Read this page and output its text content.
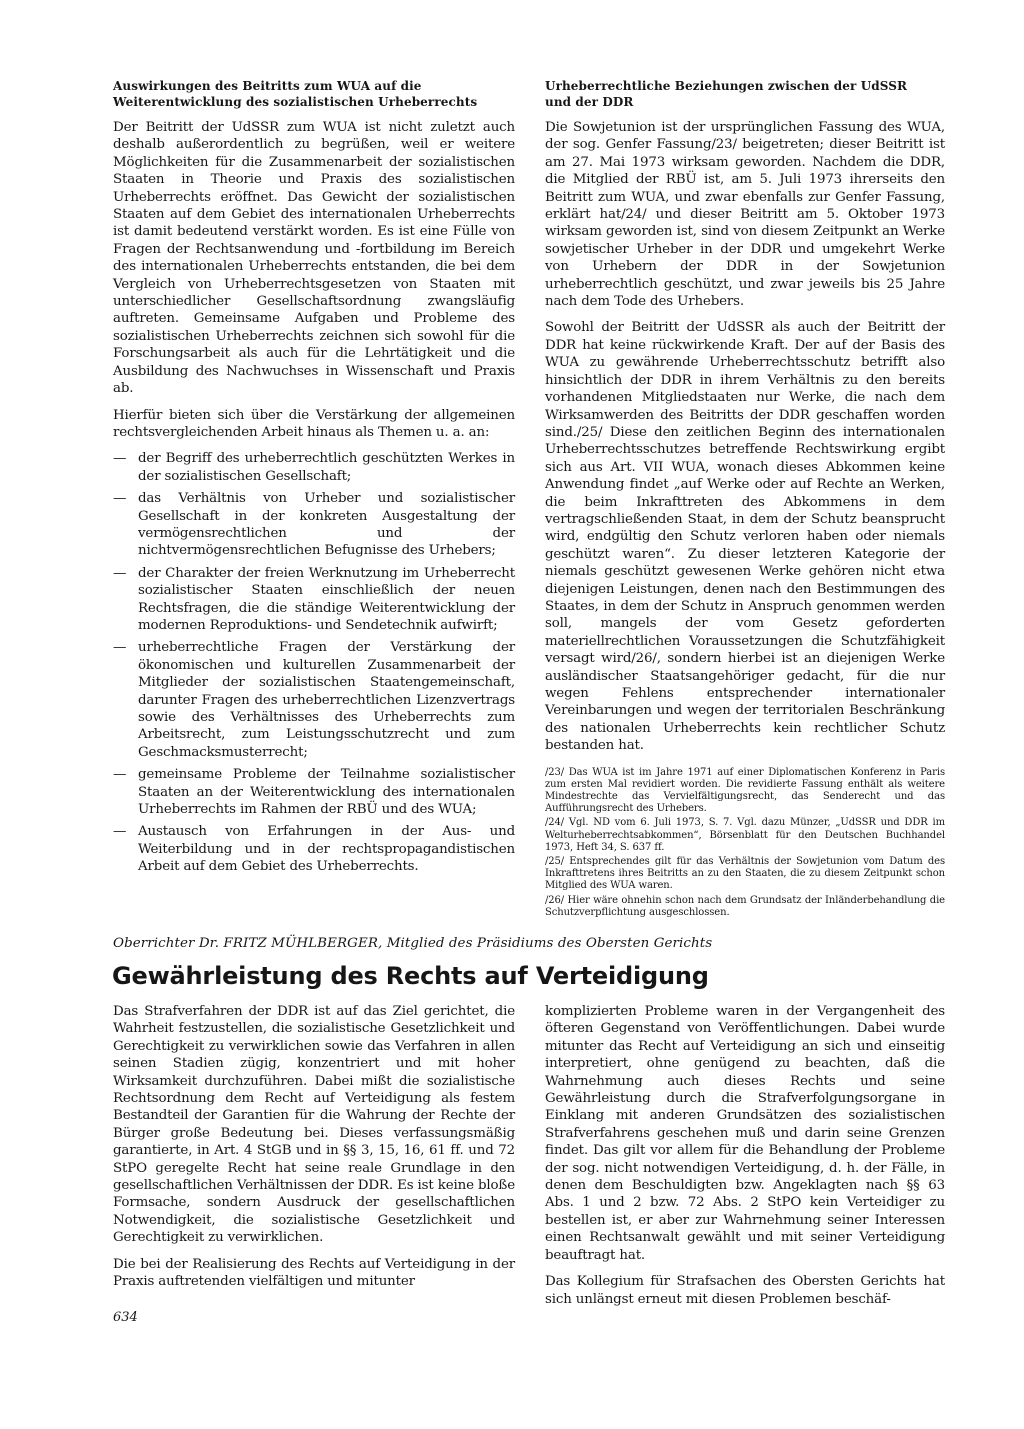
Auswirkungen des Beitritts zum WUA auf die
Weiterentwicklung des sozialistischen Urheberrechts

Der Beitritt der UdSSR zum WUA ist nicht zuletzt auch deshalb außerordentlich zu begrüßen, weil er weitere Möglichkeiten für die Zusammenarbeit der sozialistischen Staaten in Theorie und Praxis des sozialistischen Urheberrechts eröffnet. Das Gewicht der sozialistischen Staaten auf dem Gebiet des internationalen Urheberrechts ist damit bedeutend verstärkt worden. Es ist eine Fülle von Fragen der Rechtsanwendung und -fortbildung im Bereich des internationalen Urheberrechts entstanden, die bei dem Vergleich von Urheberrechtsgesetzen von Staaten mit unterschiedlicher Gesellschaftsordnung zwangsläufig auftreten. Gemeinsame Aufgaben und Probleme des sozialistischen Urheberrechts zeichnen sich sowohl für die Forschungsarbeit als auch für die Lehrtätigkeit und die Ausbildung des Nachwuchses in Wissenschaft und Praxis ab.

Hierfür bieten sich über die Verstärkung der allgemeinen rechtsvergleichenden Arbeit hinaus als Themen u. a. an:

— der Begriff des urheberrechtlich geschützten Werkes in der sozialistischen Gesellschaft;
— das Verhältnis von Urheber und sozialistischer Gesellschaft in der konkreten Ausgestaltung der vermögensrechtlichen und der nichtvermögensrechtlichen Befugnisse des Urhebers;
— der Charakter der freien Werknutzung im Urheberrecht sozialistischer Staaten einschließlich der neuen Rechtsfragen, die die ständige Weiterentwicklung der modernen Reproduktions- und Sendetechnik aufwirft;
— urheberrechtliche Fragen der Verstärkung der ökonomischen und kulturellen Zusammenarbeit der Mitglieder der sozialistischen Staatengemeinschaft, darunter Fragen des urheberrechtlichen Lizenzvertrags sowie des Verhältnisses des Urheberrechts zum Arbeitsrecht, zum Leistungsschutzrecht und zum Geschmacksmusterrecht;
— gemeinsame Probleme der Teilnahme sozialistischer Staaten an der Weiterentwicklung des internationalen Urheberrechts im Rahmen der RBÜ und des WUA;
— Austausch von Erfahrungen in der Aus- und Weiterbildung und in der rechtspropagandistischen Arbeit auf dem Gebiet des Urheberrechts.
Urheberrechtliche Beziehungen zwischen der UdSSR
und der DDR

Die Sowjetunion ist der ursprünglichen Fassung des WUA, der sog. Genfer Fassung/23/ beigetreten; dieser Beitritt ist am 27. Mai 1973 wirksam geworden. Nachdem die DDR, die Mitglied der RBÜ ist, am 5. Juli 1973 ihrerseits den Beitritt zum WUA, und zwar ebenfalls zur Genfer Fassung, erklärt hat/24/ und dieser Beitritt am 5. Oktober 1973 wirksam geworden ist, sind von diesem Zeitpunkt an Werke sowjetischer Urheber in der DDR und umgekehrt Werke von Urhebern der DDR in der Sowjetunion urheberrechtlich geschützt, und zwar jeweils bis 25 Jahre nach dem Tode des Urhebers.

Sowohl der Beitritt der UdSSR als auch der Beitritt der DDR hat keine rückwirkende Kraft. Der auf der Basis des WUA zu gewährende Urheberrechtsschutz betrifft also hinsichtlich der DDR in ihrem Verhältnis zu den bereits vorhandenen Mitgliedstaaten nur Werke, die nach dem Wirksamwerden des Beitritts der DDR geschaffen worden sind./25/ Diese den zeitlichen Beginn des internationalen Urheberrechtsschutzes betreffende Rechtswirkung ergibt sich aus Art. VII WUA, wonach dieses Abkommen keine Anwendung findet „auf Werke oder auf Rechte an Werken, die beim Inkrafttreten des Abkommens in dem vertragschließenden Staat, in dem der Schutz beansprucht wird, endgültig den Schutz verloren haben oder niemals geschützt waren“. Zu dieser letzteren Kategorie der niemals geschützt gewesenen Werke gehören nicht etwa diejenigen Leistungen, denen nach den Bestimmungen des Staates, in dem der Schutz in Anspruch genommen werden soll, mangels der vom Gesetz geforderten materiellrechtlichen Voraussetzungen die Schutzfähigkeit versagt wird/26/, sondern hierbei ist an diejenigen Werke ausländischer Staatsangehöriger gedacht, für die nur wegen Fehlens entsprechender internationaler Vereinbarungen und wegen der territorialen Beschränkung des nationalen Urheberrechts kein rechtlicher Schutz bestanden hat.

/23/ Das WUA ist im Jahre 1971 auf einer Diplomatischen Konferenz in Paris zum ersten Mal revidiert worden. Die revidierte Fassung enthält als weitere Mindestrechte das Vervielfältigungsrecht, das Senderecht und das Aufführungsrecht des Urhebers.

/24/ Vgl. ND vom 6. Juli 1973, S. 7. Vgl. dazu Münzer, „UdSSR und DDR im Welturheberrechtsabkommen“, Börsenblatt für den Deutschen Buchhandel 1973, Heft 34, S. 637 ff.

/25/ Entsprechendes gilt für das Verhältnis der Sowjetunion vom Datum des Inkrafttretens ihres Beitritts an zu den Staaten, die zu diesem Zeitpunkt schon Mitglied des WUA waren.

/26/ Hier wäre ohnehin schon nach dem Grundsatz der Inländerbehandlung die Schutzverpflichtung ausgeschlossen.

Oberrichter Dr. FRITZ MÜHLBERGER, Mitglied des Präsidiums des Obersten Gerichts
Gewährleistung des Rechts auf Verteidigung

Das Strafverfahren der DDR ist auf das Ziel gerichtet, die Wahrheit festzustellen, die sozialistische Gesetzlichkeit und Gerechtigkeit zu verwirklichen sowie das Verfahren in allen seinen Stadien zügig, konzentriert und mit hoher Wirksamkeit durchzuführen. Dabei mißt die sozialistische Rechtsordnung dem Recht auf Verteidigung als festem Bestandteil der Garantien für die Wahrung der Rechte der Bürger große Bedeutung bei. Dieses verfassungsmäßig garantierte, in Art. 4 StGB und in §§ 3, 15, 16, 61 ff. und 72 StPO geregelte Recht hat seine reale Grundlage in den gesellschaftlichen Verhältnissen der DDR. Es ist keine bloße Formsache, sondern Ausdruck der gesellschaftlichen Notwendigkeit, die sozialistische Gesetzlichkeit und Gerechtigkeit zu verwirklichen.

Die bei der Realisierung des Rechts auf Verteidigung in der Praxis auftretenden vielfältigen und mitunter

komplizierten Probleme waren in der Vergangenheit des öfteren Gegenstand von Veröffentlichungen. Dabei wurde mitunter das Recht auf Verteidigung an sich und einseitig interpretiert, ohne genügend zu beachten, daß die Wahrnehmung auch dieses Rechts und seine Gewährleistung durch die Strafverfolgungsorgane in Einklang mit anderen Grundsätzen des sozialistischen Strafverfahrens geschehen muß und darin seine Grenzen findet. Das gilt vor allem für die Behandlung der Probleme der sog. nicht notwendigen Verteidigung, d. h. der Fälle, in denen dem Beschuldigten bzw. Angeklagten nach §§ 63 Abs. 1 und 2 bzw. 72 Abs. 2 StPO kein Verteidiger zu bestellen ist, er aber zur Wahrnehmung seiner Interessen einen Rechtsanwalt gewählt und mit seiner Verteidigung beauftragt hat.

Das Kollegium für Strafsachen des Obersten Gerichts hat sich unlängst erneut mit diesen Problemen beschäf-

634
